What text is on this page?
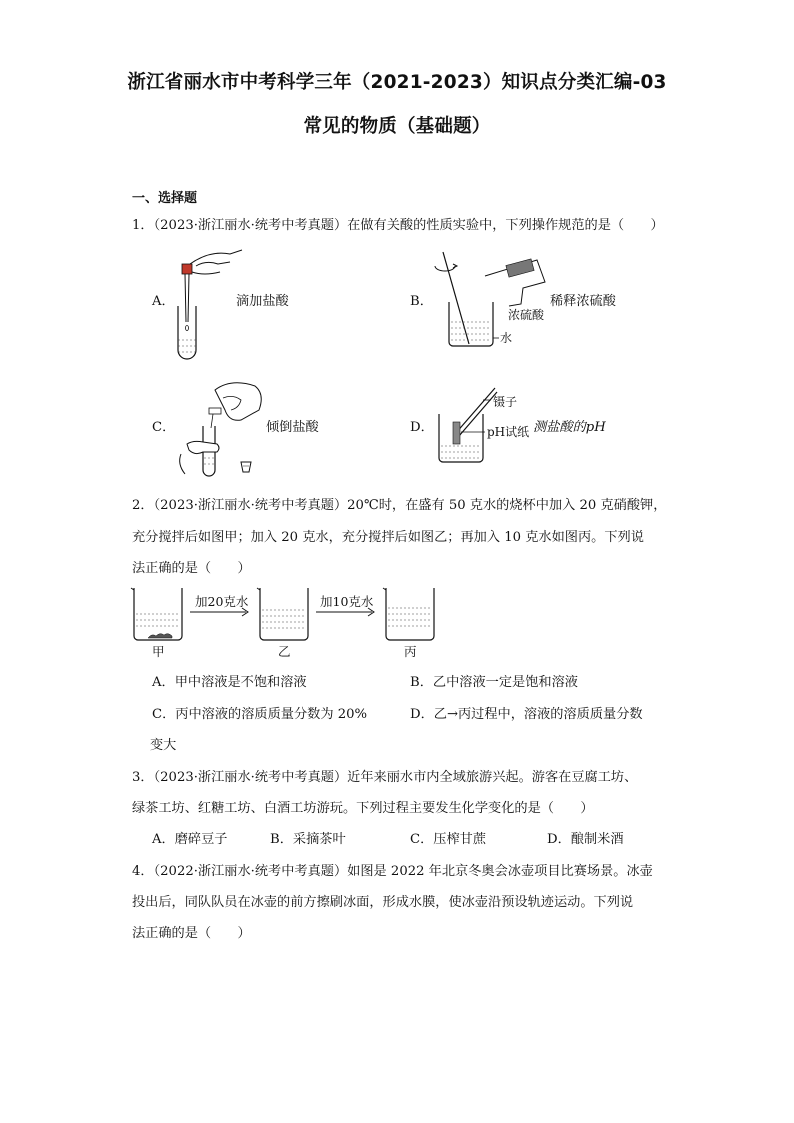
浙江省丽水市中考科学三年（2021-2023）知识点分类汇编-03
常见的物质（基础题）
一、选择题
1．（2023·浙江丽水·统考中考真题）在做有关酸的性质实验中，下列操作规范的是（　　）
A．	滴加盐酸	B．
水
浓硫酸
稀释浓硫酸
C．	倾倒盐酸	D．
镊子
pH试纸 测盐酸的pH
2．（2023·浙江丽水·统考中考真题）20℃时，在盛有 50 克水的烧杯中加入 20 克硝酸钾，
充分搅拌后如图甲；加入 20 克水，充分搅拌后如图乙；再加入 10 克水如图丙。下列说
法正确的是（　　）
加20克水	加10克水
甲	乙	丙
A．甲中溶液是不饱和溶液	B．乙中溶液一定是饱和溶液
C．丙中溶液的溶质质量分数为 20%	D．乙→丙过程中，溶液的溶质质量分数
变大
3．（2023·浙江丽水·统考中考真题）近年来丽水市内全域旅游兴起。游客在豆腐工坊、
绿茶工坊、红糖工坊、白酒工坊游玩。下列过程主要发生化学变化的是（　　）
A．磨碎豆子	B．采摘茶叶	C．压榨甘蔗	D．酿制米酒
4．（2022·浙江丽水·统考中考真题）如图是 2022 年北京冬奥会冰壶项目比赛场景。冰壶
投出后，同队队员在冰壶的前方擦刷冰面，形成水膜，使冰壶沿预设轨迹运动。下列说
法正确的是（　　）
